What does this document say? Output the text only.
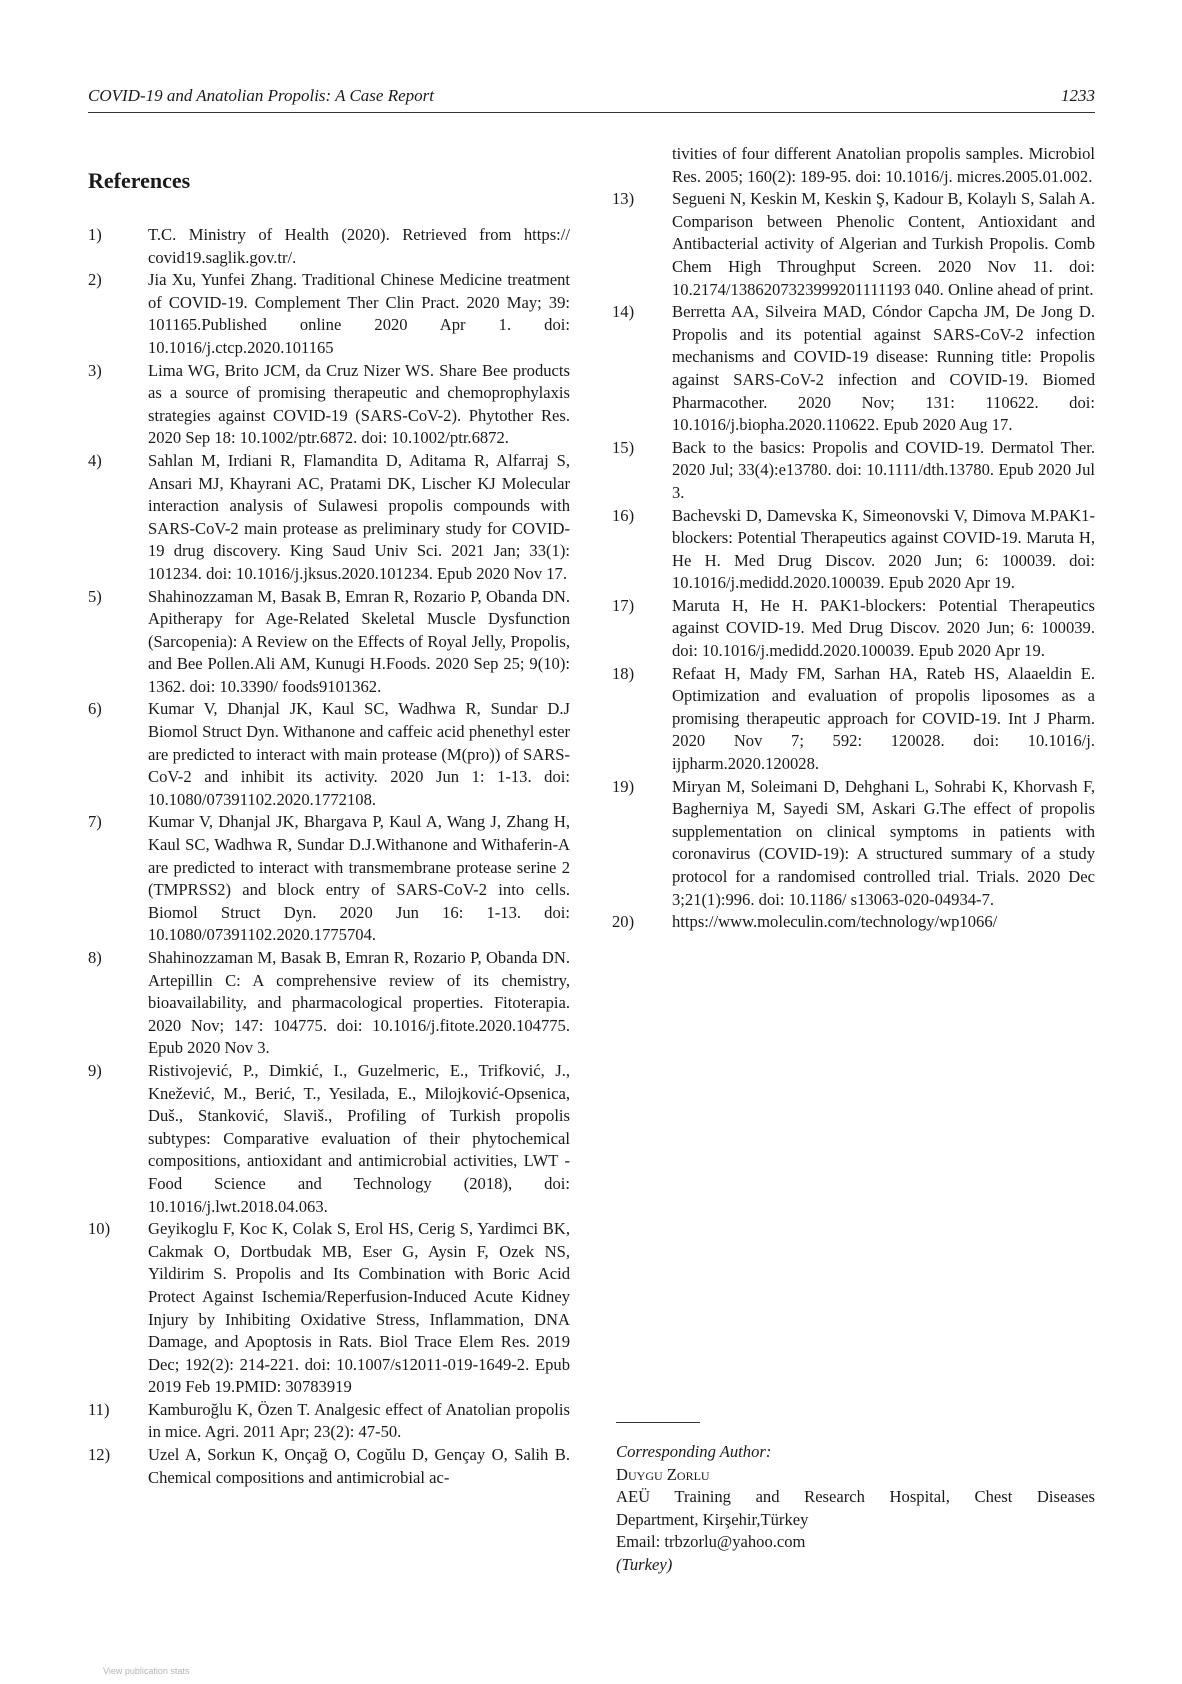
COVID-19 and Anatolian Propolis: A Case Report	1233
References
1)	T.C. Ministry of Health (2020). Retrieved from https:// covid19.saglik.gov.tr/.
2)	Jia Xu, Yunfei Zhang. Traditional Chinese Medicine treatment of COVID-19. Complement Ther Clin Pract. 2020 May; 39: 101165.Published online 2020 Apr 1. doi: 10.1016/j.ctcp.2020.101165
3)	Lima WG, Brito JCM, da Cruz Nizer WS. Share Bee products as a source of promising therapeutic and chemoprophylaxis strategies against COVID-19 (SARS-CoV-2). Phytother Res. 2020 Sep 18: 10.1002/ptr.6872. doi: 10.1002/ptr.6872.
4)	Sahlan M, Irdiani R, Flamandita D, Aditama R, Alfarraj S, Ansari MJ, Khayrani AC, Pratami DK, Lischer KJ Molecular interaction analysis of Sulawesi propolis compounds with SARS-CoV-2 main protease as preliminary study for COVID-19 drug discovery. King Saud Univ Sci. 2021 Jan; 33(1): 101234. doi: 10.1016/j.jksus.2020.101234. Epub 2020 Nov 17.
5)	Shahinozzaman M, Basak B, Emran R, Rozario P, Obanda DN. Apitherapy for Age-Related Skeletal Muscle Dysfunction (Sarcopenia): A Review on the Effects of Royal Jelly, Propolis, and Bee Pollen.Ali AM, Kunugi H.Foods. 2020 Sep 25; 9(10): 1362. doi: 10.3390/ foods9101362.
6)	Kumar V, Dhanjal JK, Kaul SC, Wadhwa R, Sundar D.J Biomol Struct Dyn. Withanone and caffeic acid phenethyl ester are predicted to interact with main protease (M(pro)) of SARS-CoV-2 and inhibit its activity. 2020 Jun 1: 1-13. doi: 10.1080/07391102.2020.1772108.
7)	Kumar V, Dhanjal JK, Bhargava P, Kaul A, Wang J, Zhang H, Kaul SC, Wadhwa R, Sundar D.J.Withanone and Withaferin-A are predicted to interact with transmembrane protease serine 2 (TMPRSS2) and block entry of SARS-CoV-2 into cells. Biomol Struct Dyn. 2020 Jun 16: 1-13. doi: 10.1080/07391102.2020.1775704.
8)	Shahinozzaman M, Basak B, Emran R, Rozario P, Obanda DN. Artepillin C: A comprehensive review of its chemistry, bioavailability, and pharmacological properties. Fitoterapia. 2020 Nov; 147: 104775. doi: 10.1016/j.fitote.2020.104775. Epub 2020 Nov 3.
9)	Ristivojević, P., Dimkić, I., Guzelmeric, E., Trifković, J., Knežević, M., Berić, T., Yesilada, E., Milojković-Opsenica, Duš., Stanković, Slaviš., Profiling of Turkish propolis subtypes: Comparative evaluation of their phytochemical compositions, antioxidant and antimicrobial activities, LWT - Food Science and Technology (2018), doi: 10.1016/j.lwt.2018.04.063.
10)	Geyikoglu F, Koc K, Colak S, Erol HS, Cerig S, Yardimci BK, Cakmak O, Dortbudak MB, Eser G, Aysin F, Ozek NS, Yildirim S. Propolis and Its Combination with Boric Acid Protect Against Ischemia/Reperfusion-Induced Acute Kidney Injury by Inhibiting Oxidative Stress, Inflammation, DNA Damage, and Apoptosis in Rats. Biol Trace Elem Res. 2019 Dec; 192(2): 214-221. doi: 10.1007/s12011-019-1649-2. Epub 2019 Feb 19.PMID: 30783919
11)	Kamburoğlu K, Özen T. Analgesic effect of Anatolian propolis in mice. Agri. 2011 Apr; 23(2): 47-50.
12)	Uzel A, Sorkun K, Onçağ O, Cogŭlu D, Gençay O, Salih B. Chemical compositions and antimicrobial ac-
tivities of four different Anatolian propolis samples. Microbiol Res. 2005; 160(2): 189-95. doi: 10.1016/j. micres.2005.01.002.
13)	Segueni N, Keskin M, Keskin Ş, Kadour B, Kolaylı S, Salah A. Comparison between Phenolic Content, Antioxidant and Antibacterial activity of Algerian and Turkish Propolis. Comb Chem High Throughput Screen. 2020 Nov 11. doi: 10.2174/1386207323999201111193 040. Online ahead of print.
14)	Berretta AA, Silveira MAD, Cóndor Capcha JM, De Jong D. Propolis and its potential against SARS-CoV-2 infection mechanisms and COVID-19 disease: Running title: Propolis against SARS-CoV-2 infection and COVID-19. Biomed Pharmacother. 2020 Nov; 131: 110622. doi: 10.1016/j.biopha.2020.110622. Epub 2020 Aug 17.
15)	Back to the basics: Propolis and COVID-19. Dermatol Ther. 2020 Jul; 33(4):e13780. doi: 10.1111/dth.13780. Epub 2020 Jul 3.
16)	Bachevski D, Damevska K, Simeonovski V, Dimova M.PAK1-blockers: Potential Therapeutics against COVID-19. Maruta H, He H. Med Drug Discov. 2020 Jun; 6: 100039. doi: 10.1016/j.medidd.2020.100039. Epub 2020 Apr 19.
17)	Maruta H, He H. PAK1-blockers: Potential Therapeutics against COVID-19. Med Drug Discov. 2020 Jun; 6: 100039. doi: 10.1016/j.medidd.2020.100039. Epub 2020 Apr 19.
18)	Refaat H, Mady FM, Sarhan HA, Rateb HS, Alaaeldin E. Optimization and evaluation of propolis liposomes as a promising therapeutic approach for COVID-19. Int J Pharm. 2020 Nov 7; 592: 120028. doi: 10.1016/j. ijpharm.2020.120028.
19)	Miryan M, Soleimani D, Dehghani L, Sohrabi K, Khorvash F, Bagherniya M, Sayedi SM, Askari G.The effect of propolis supplementation on clinical symptoms in patients with coronavirus (COVID-19): A structured summary of a study protocol for a randomised controlled trial. Trials. 2020 Dec 3;21(1):996. doi: 10.1186/ s13063-020-04934-7.
20)	https://www.moleculin.com/technology/wp1066/
Corresponding Author:
Duygu Zorlu
AEÜ Training and Research Hospital, Chest Diseases
Department, Kirşehir,Türkey
Email: trbzorlu@yahoo.com
(Turkey)
View publication stats
